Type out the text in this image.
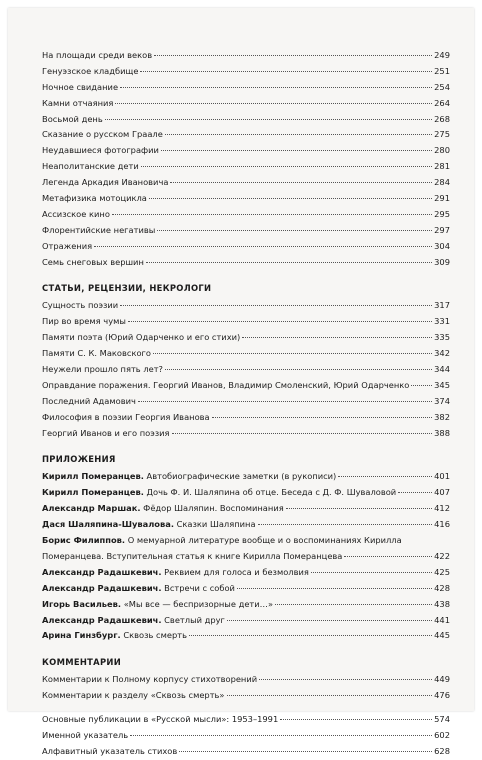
На площади среди веков	249
Генуэзское кладбище	251
Ночное свидание	254
Камни отчаяния	264
Восьмой день	268
Сказание о русском Граале	275
Неудавшиеся фотографии	280
Неаполитанские дети	281
Легенда Аркадия Ивановича	284
Метафизика мотоцикла	291
Ассизское кино	295
Флорентийские негативы	297
Отражения	304
Семь снеговых вершин	309
СТАТЬИ, РЕЦЕНЗИИ, НЕКРОЛОГИ
Сущность поэзии	317
Пир во время чумы	331
Памяти поэта (Юрий Одарченко и его стихи)	335
Памяти С. К. Маковского	342
Неужели прошло пять лет?	344
Оправдание поражения. Георгий Иванов, Владимир Смоленский, Юрий Одарченко	345
Последний Адамович	374
Философия в поэзии Георгия Иванова	382
Георгий Иванов и его поэзия	388
ПРИЛОЖЕНИЯ
Кирилл Померанцев. Автобиографические заметки (в рукописи)	401
Кирилл Померанцев. Дочь Ф. И. Шаляпина об отце. Беседа с Д. Ф. Шуваловой	407
Александр Маршак. Фёдор Шаляпин. Воспоминания	412
Дася Шаляпина-Шувалова. Сказки Шаляпина	416
Борис Филиппов. О мемуарной литературе вообще и о воспоминаниях Кирилла
Померанцева. Вступительная статья к книге Кирилла Померанцева	422
Александр Радашкевич. Реквием для голоса и безмолвия	425
Александр Радашкевич. Встречи с собой	428
Игорь Васильев. «Мы все — беспризорные дети…»	438
Александр Радашкевич. Светлый друг	441
Арина Гинзбург. Сквозь смерть	445
КОММЕНТАРИИ
Комментарии к Полному корпусу стихотворений	449
Комментарии к разделу «Сквозь смерть»	476
Основные публикации в «Русской мысли»: 1953–1991	574
Именной указатель	602
Алфавитный указатель стихов	628
